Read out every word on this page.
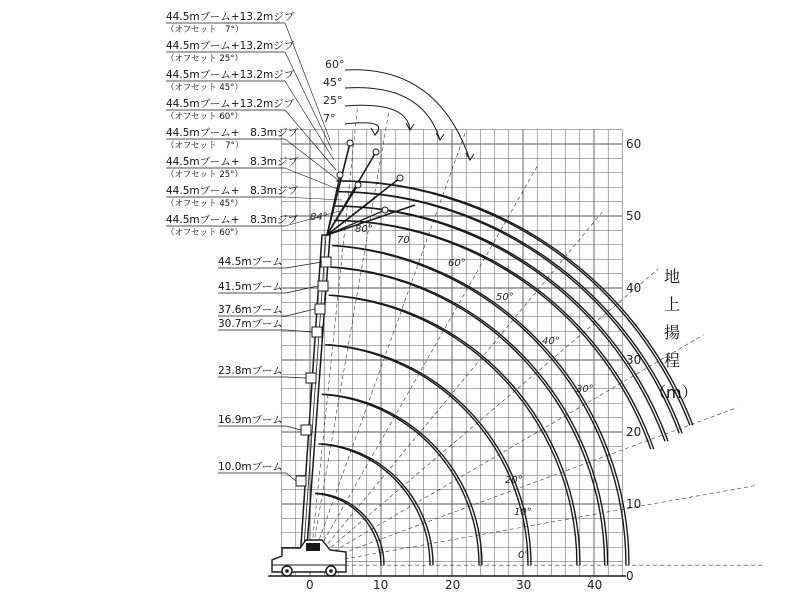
44.5mブーム+13.2mジブ
（オフセット　7°）
44.5mブーム+13.2mジブ
（オフセット 25°）
44.5mブーム+13.2mジブ
（オフセット 45°）
44.5mブーム+13.2mジブ
（オフセット 60°）
44.5mブーム+　8.3mジブ
（オフセット　7°）
44.5mブーム+　8.3mジブ
（オフセット 25°）
44.5mブーム+　8.3mジブ
（オフセット 45°）
44.5mブーム+　8.3mジブ
（オフセット 60°）
44.5mブーム
41.5mブーム
37.6mブーム
30.7mブーム
23.8mブーム
16.9mブーム
10.0mブーム
60°
45°
25°
7°
84°
80°
70
60°
50°
40°
30°
20°
10°
0°
0	10	20	30	40
0
10
20
30
40
50
60
地
上
揚
程
（m）
